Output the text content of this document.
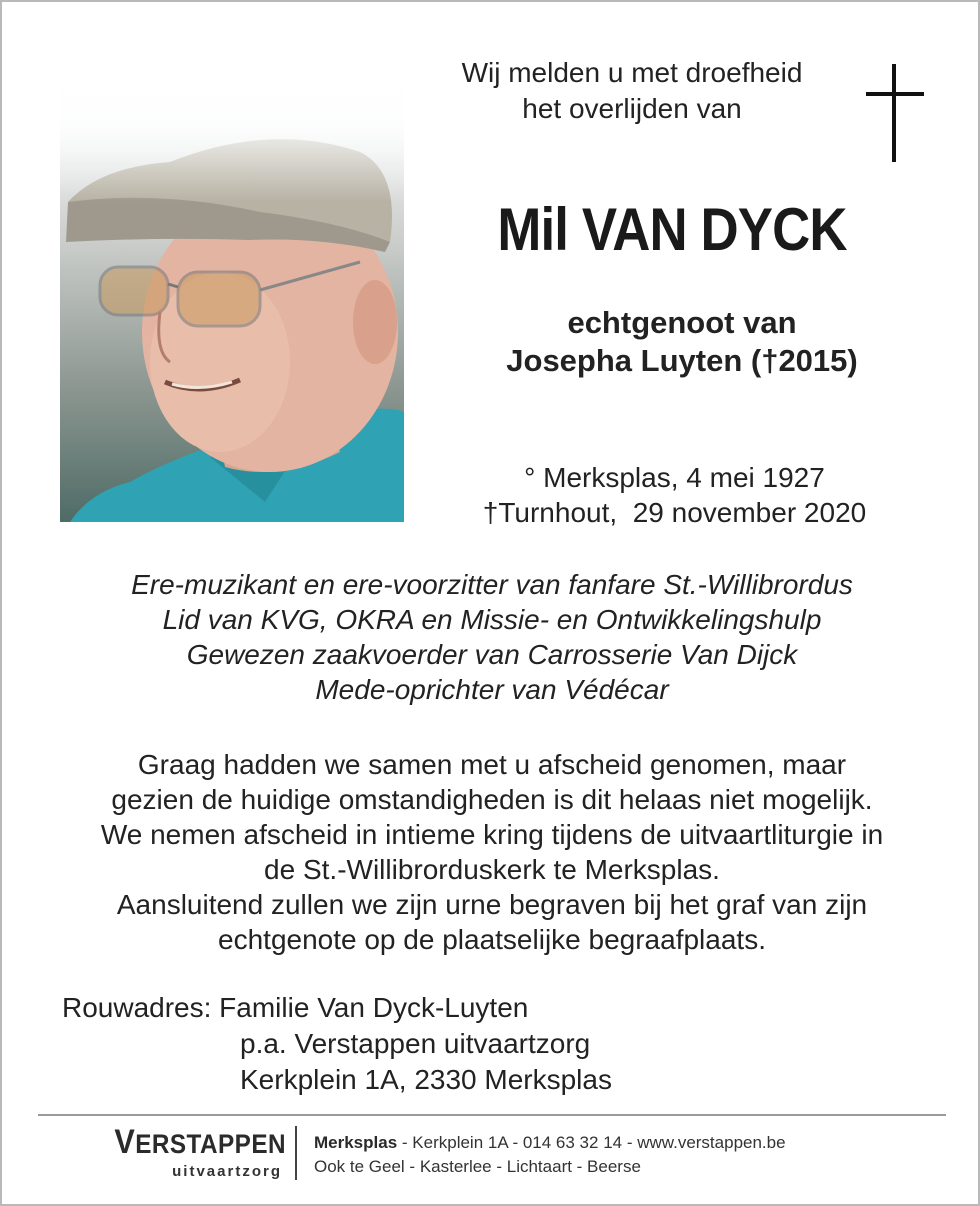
Wij melden u met droefheid
het overlijden van
Mil VAN DYCK
echtgenoot van
Josepha Luyten (†2015)
° Merksplas, 4 mei 1927
†Turnhout,  29 november 2020
Ere-muzikant en ere-voorzitter van fanfare St.-Willibrordus
Lid van KVG, OKRA en Missie- en Ontwikkelingshulp
Gewezen zaakvoerder van Carrosserie Van Dijck
Mede-oprichter van Védécar
Graag hadden we samen met u afscheid genomen, maar
gezien de huidige omstandigheden is dit helaas niet mogelijk.
We nemen afscheid in intieme kring tijdens de uitvaartliturgie in
de St.-Willibrorduskerk te Merksplas.
Aansluitend zullen we zijn urne begraven bij het graf van zijn
echtgenote op de plaatselijke begraafplaats.
Rouwadres: Familie Van Dyck-Luyten
p.a. Verstappen uitvaartzorg
Kerkplein 1A, 2330 Merksplas
VERSTAPPEN
uitvaartzorg
Merksplas - Kerkplein 1A - 014 63 32 14 - www.verstappen.be
Ook te Geel - Kasterlee - Lichtaart - Beerse
